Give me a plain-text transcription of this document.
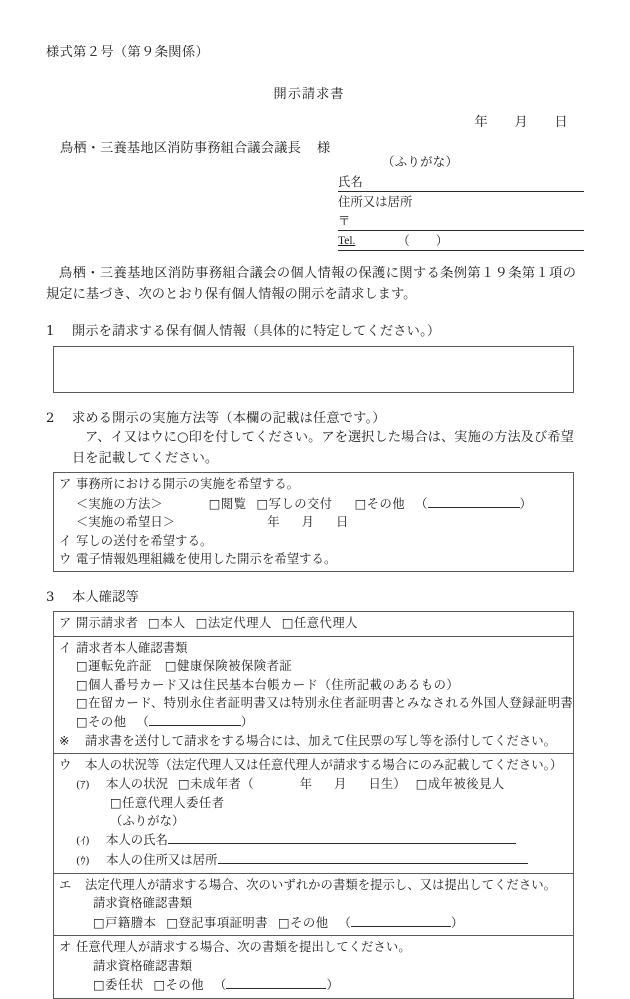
様式第２号（第９条関係）
開示請求書
年 月 日
鳥栖・三養基地区消防事務組合議会議長 様
（ふりがな）
氏名
住所又は居所
〒
Tel.	（ ）
鳥栖・三養基地区消防事務組合議会の個人情報の保護に関する条例第１９条第１項の規定に基づき、次のとおり保有個人情報の開示を請求します。
1 開示を請求する保有個人情報（具体的に特定してください。）
2 求める開示の実施方法等（本欄の記載は任意です。）
ア、イ又はウに○印を付してください。アを選択した場合は、実施の方法及び希望日を記載してください。
ア 事務所における開示の実施を希望する。
＜実施の方法＞	□閲覧 □写しの交付 □その他 （	）
＜実施の希望日＞	年 月 日
イ 写しの送付を希望する。
ウ 電子情報処理組織を使用した開示を希望する。
3 本人確認等
ア 開示請求者 □本人 □法定代理人 □任意代理人

イ 請求者本人確認書類
□運転免許証　□健康保険被保険者証
□個人番号カード又は住民基本台帳カード（住所記載のあるもの）
□在留カード、特別永住者証明書又は特別永住者証明書とみなされる外国人登録証明書
□その他 （	）
※ 請求書を送付して請求をする場合には、加えて住民票の写し等を添付してください。

ウ 本人の状況等（法定代理人又は任意代理人が請求する場合にのみ記載してください。）
(ｱ) 本人の状況 □未成年者（	年 月 日生） □成年被後見人
□任意代理人委任者
（ふりがな）
(ｲ) 本人の氏名
(ｳ) 本人の住所又は居所

エ 法定代理人が請求する場合、次のいずれかの書類を提示し、又は提出してください。
請求資格確認書類
□戸籍謄本 □登記事項証明書 □その他 （	）

オ 任意代理人が請求する場合、次の書類を提出してください。
請求資格確認書類
□委任状 □その他 （	）
